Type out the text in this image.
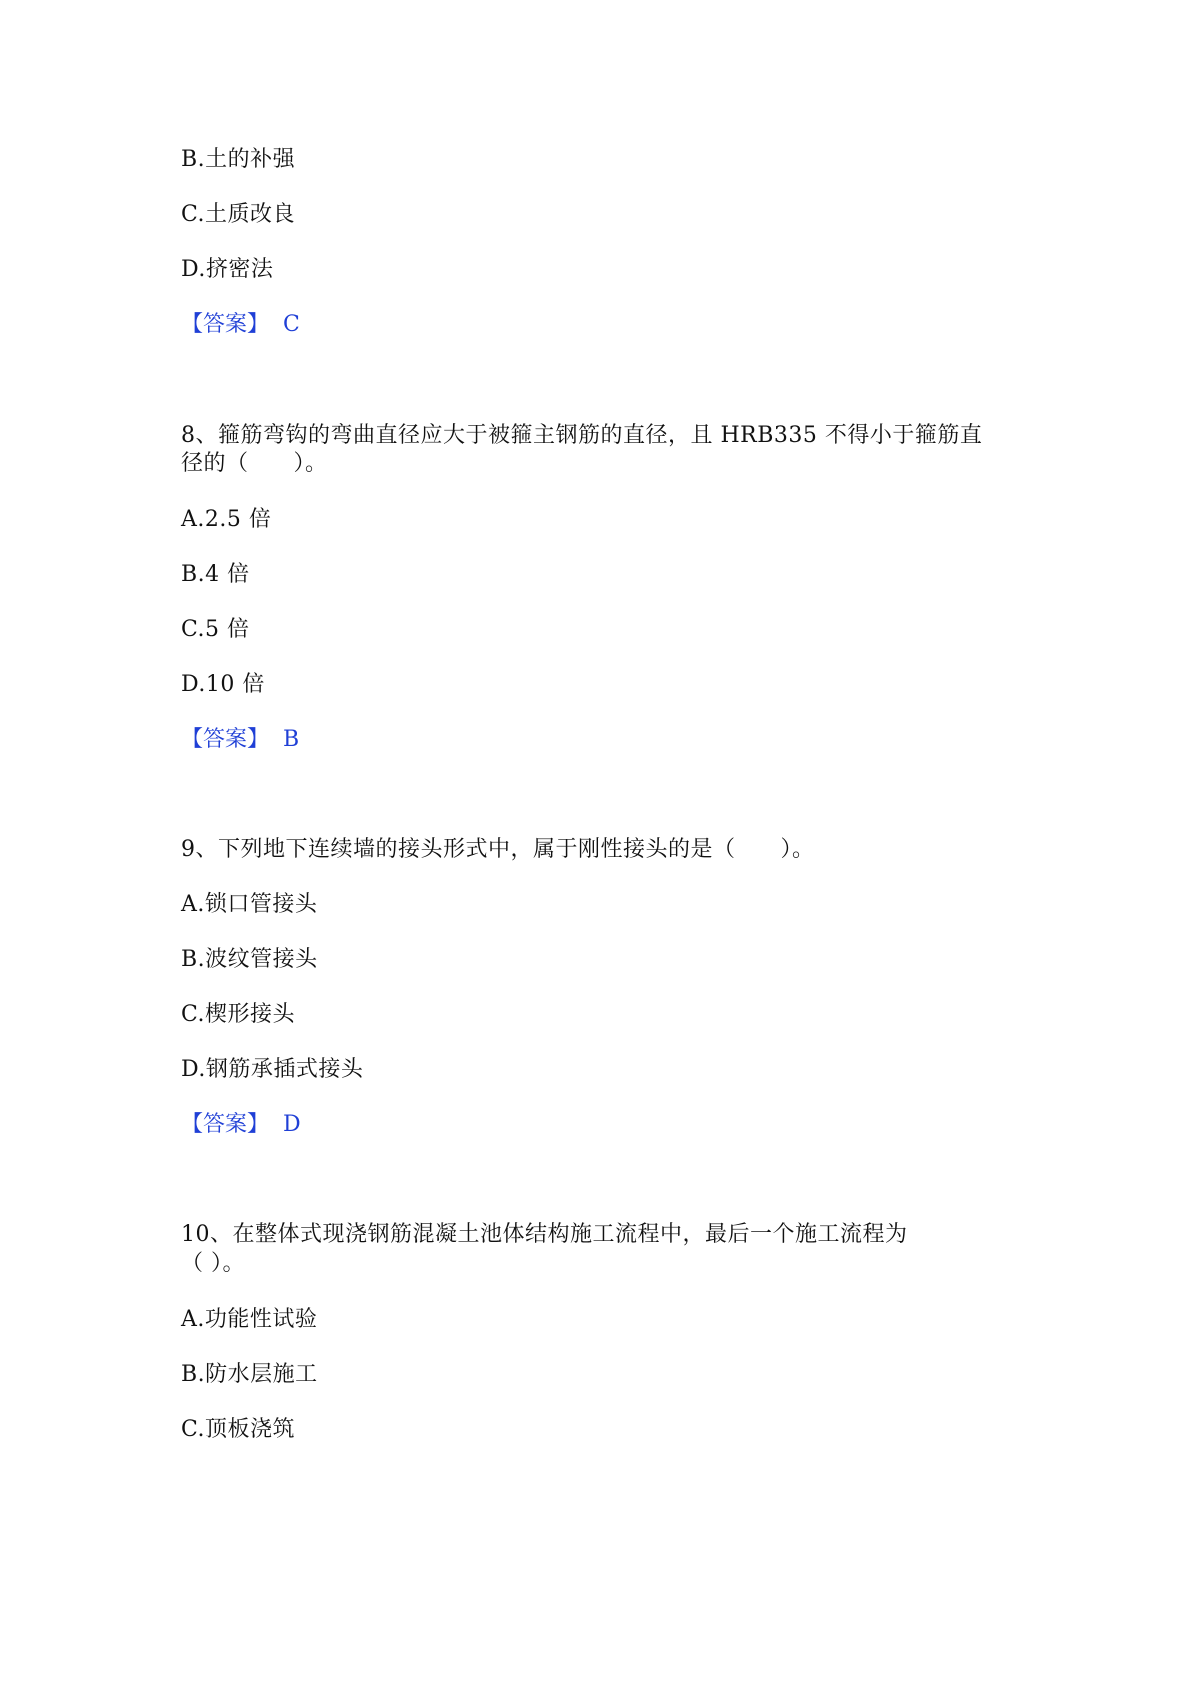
B.土的补强
C.土质改良
D.挤密法
【答案】 C
8、箍筋弯钩的弯曲直径应大于被箍主钢筋的直径，且 HRB335 不得小于箍筋直
径的（　　）。
A.2.5 倍
B.4 倍
C.5 倍
D.10 倍
【答案】 B
9、下列地下连续墙的接头形式中，属于刚性接头的是（　　）。
A.锁口管接头
B.波纹管接头
C.楔形接头
D.钢筋承插式接头
【答案】 D
10、在整体式现浇钢筋混凝土池体结构施工流程中，最后一个施工流程为
（ ）。
A.功能性试验
B.防水层施工
C.顶板浇筑
